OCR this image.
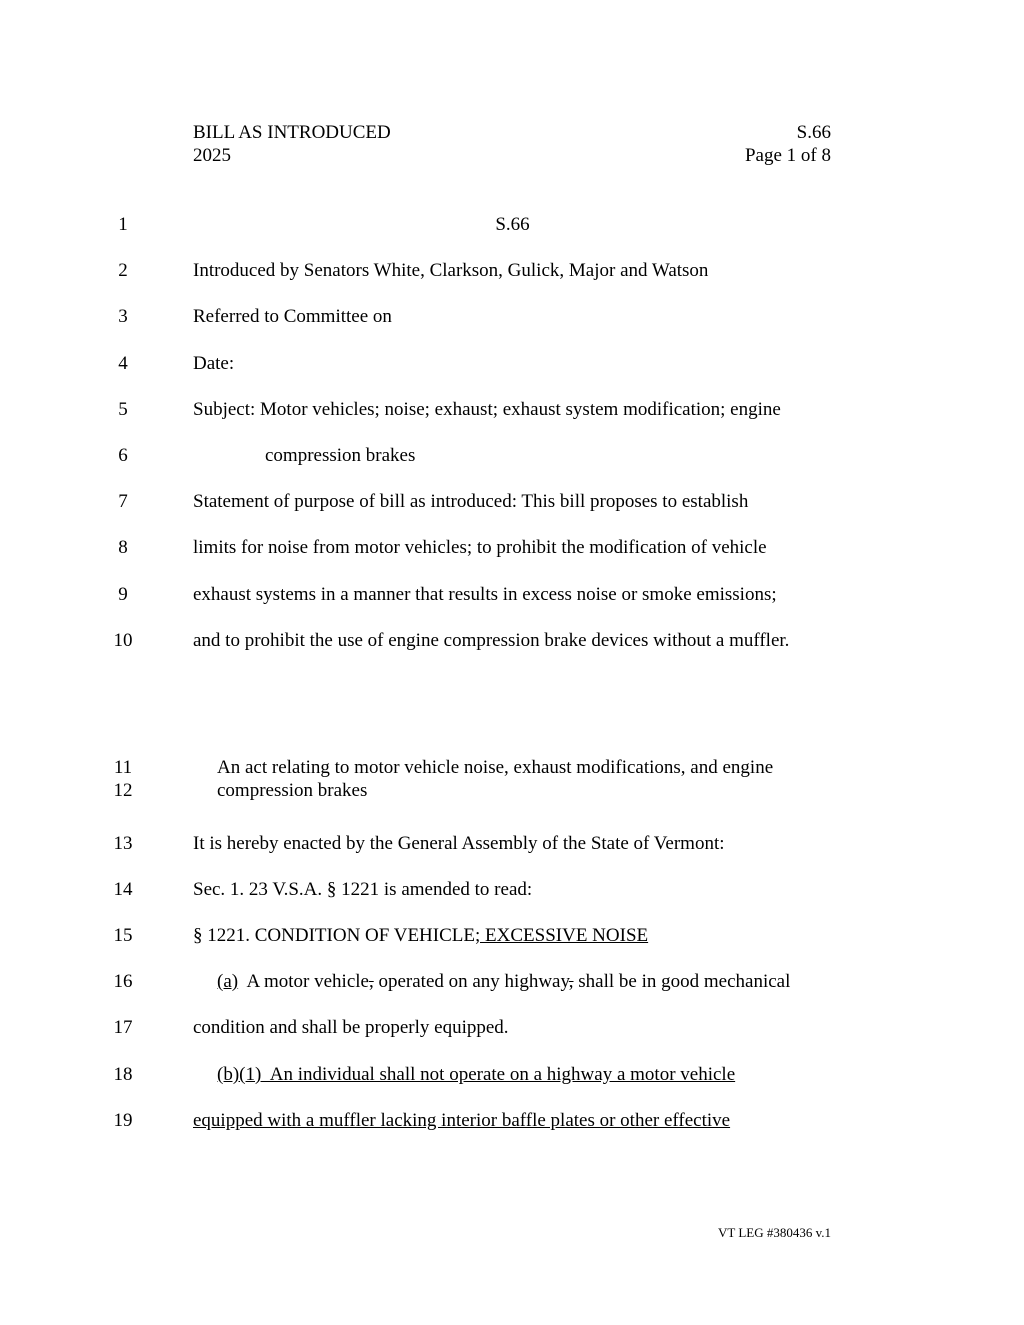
BILL AS INTRODUCED	S.66
2025	Page 1 of 8
1
2
3
4
5
6
7
8
9
10
11
12
13
14
15
16
17
18
19
S.66
Introduced by Senators White, Clarkson, Gulick, Major and Watson
Referred to Committee on
Date:
Subject: Motor vehicles; noise; exhaust; exhaust system modification; engine
compression brakes
Statement of purpose of bill as introduced: This bill proposes to establish
limits for noise from motor vehicles; to prohibit the modification of vehicle
exhaust systems in a manner that results in excess noise or smoke emissions;
and to prohibit the use of engine compression brake devices without a muffler.
An act relating to motor vehicle noise, exhaust modifications, and engine
compression brakes
It is hereby enacted by the General Assembly of the State of Vermont:
Sec. 1. 23 V.S.A. § 1221 is amended to read:
§ 1221. CONDITION OF VEHICLE; EXCESSIVE NOISE
(a)  A motor vehicle, operated on any highway, shall be in good mechanical
condition and shall be properly equipped.
(b)(1)  An individual shall not operate on a highway a motor vehicle
equipped with a muffler lacking interior baffle plates or other effective
VT LEG #380436 v.1
